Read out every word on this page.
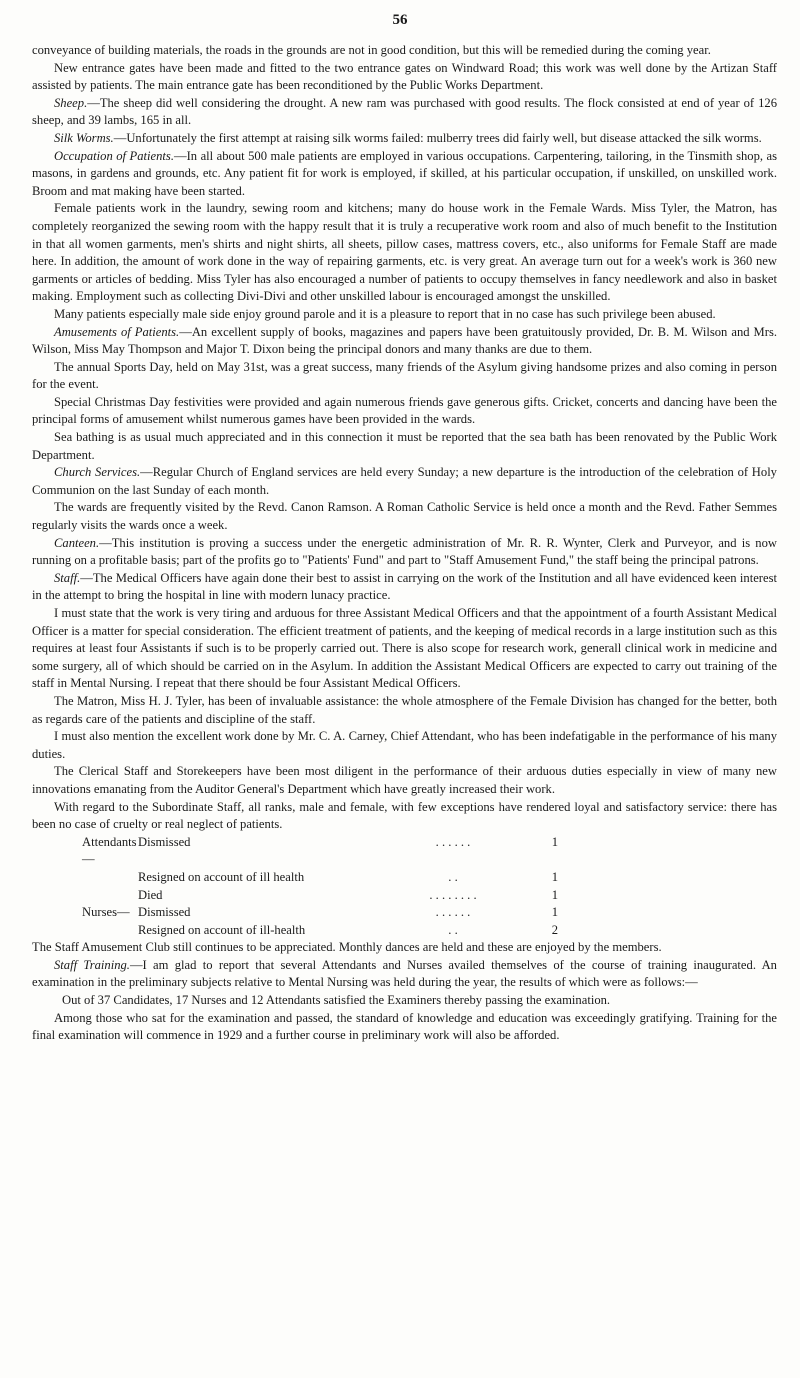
56

conveyance of building materials, the roads in the grounds are not in good condition, but this will be remedied during the coming year.

New entrance gates have been made and fitted to the two entrance gates on Windward Road; this work was well done by the Artizan Staff assisted by patients. The main entrance gate has been reconditioned by the Public Works Department.

Sheep.—The sheep did well considering the drought. A new ram was purchased with good results. The flock consisted at end of year of 126 sheep, and 39 lambs, 165 in all.

Silk Worms.—Unfortunately the first attempt at raising silk worms failed: mulberry trees did fairly well, but disease attacked the silk worms.

Occupation of Patients.—In all about 500 male patients are employed in various occupations. Carpentering, tailoring, in the Tinsmith shop, as masons, in gardens and grounds, etc. Any patient fit for work is employed, if skilled, at his particular occupation, if unskilled, on unskilled work. Broom and mat making have been started.

Female patients work in the laundry, sewing room and kitchens; many do house work in the Female Wards. Miss Tyler, the Matron, has completely reorganized the sewing room with the happy result that it is truly a recuperative work room and also of much benefit to the Institution in that all women garments, men's shirts and night shirts, all sheets, pillow cases, mattress covers, etc., also uniforms for Female Staff are made here. In addition, the amount of work done in the way of repairing garments, etc. is very great. An average turn out for a week's work is 360 new garments or articles of bedding. Miss Tyler has also encouraged a number of patients to occupy themselves in fancy needlework and also in basket making. Employment such as collecting Divi-Divi and other unskilled labour is encouraged amongst the unskilled.

Many patients especially male side enjoy ground parole and it is a pleasure to report that in no case has such privilege been abused.

Amusements of Patients.—An excellent supply of books, magazines and papers have been gratuitously provided, Dr. B. M. Wilson and Mrs. Wilson, Miss May Thompson and Major T. Dixon being the principal donors and many thanks are due to them.

The annual Sports Day, held on May 31st, was a great success, many friends of the Asylum giving handsome prizes and also coming in person for the event.

Special Christmas Day festivities were provided and again numerous friends gave generous gifts. Cricket, concerts and dancing have been the principal forms of amusement whilst numerous games have been provided in the wards.

Sea bathing is as usual much appreciated and in this connection it must be reported that the sea bath has been renovated by the Public Work Department.

Church Services.—Regular Church of England services are held every Sunday; a new departure is the introduction of the celebration of Holy Communion on the last Sunday of each month.

The wards are frequently visited by the Revd. Canon Ramson. A Roman Catholic Service is held once a month and the Revd. Father Semmes regularly visits the wards once a week.

Canteen.—This institution is proving a success under the energetic administration of Mr. R. R. Wynter, Clerk and Purveyor, and is now running on a profitable basis; part of the profits go to "Patients' Fund" and part to "Staff Amusement Fund," the staff being the principal patrons.

Staff.—The Medical Officers have again done their best to assist in carrying on the work of the Institution and all have evidenced keen interest in the attempt to bring the hospital in line with modern lunacy practice.

I must state that the work is very tiring and arduous for three Assistant Medical Officers and that the appointment of a fourth Assistant Medical Officer is a matter for special consideration. The efficient treatment of patients, and the keeping of medical records in a large institution such as this requires at least four Assistants if such is to be properly carried out. There is also scope for research work, generall clinical work in medicine and some surgery, all of which should be carried on in the Asylum. In addition the Assistant Medical Officers are expected to carry out training of the staff in Mental Nursing. I repeat that there should be four Assistant Medical Officers.

The Matron, Miss H. J. Tyler, has been of invaluable assistance: the whole atmosphere of the Female Division has changed for the better, both as regards care of the patients and discipline of the staff.

I must also mention the excellent work done by Mr. C. A. Carney, Chief Attendant, who has been indefatigable in the performance of his many duties.

The Clerical Staff and Storekeepers have been most diligent in the performance of their arduous duties especially in view of many new innovations emanating from the Auditor General's Department which have greatly increased their work.

With regard to the Subordinate Staff, all ranks, male and female, with few exceptions have rendered loyal and satisfactory service: there has been no case of cruelty or real neglect of patients.

Attendants—	Dismissed	. . . . . .	1
	Resigned on account of ill health	. .	1
	Died	. . . . . . . .	1
Nurses—	Dismissed	. . . . . .	1
	Resigned on account of ill-health	. .	2

The Staff Amusement Club still continues to be appreciated. Monthly dances are held and these are enjoyed by the members.

Staff Training.—I am glad to report that several Attendants and Nurses availed themselves of the course of training inaugurated. An examination in the preliminary subjects relative to Mental Nursing was held during the year, the results of which were as follows:—

Out of 37 Candidates, 17 Nurses and 12 Attendants satisfied the Examiners thereby passing the examination.

Among those who sat for the examination and passed, the standard of knowledge and education was exceedingly gratifying. Training for the final examination will commence in 1929 and a further course in preliminary work will also be afforded.
